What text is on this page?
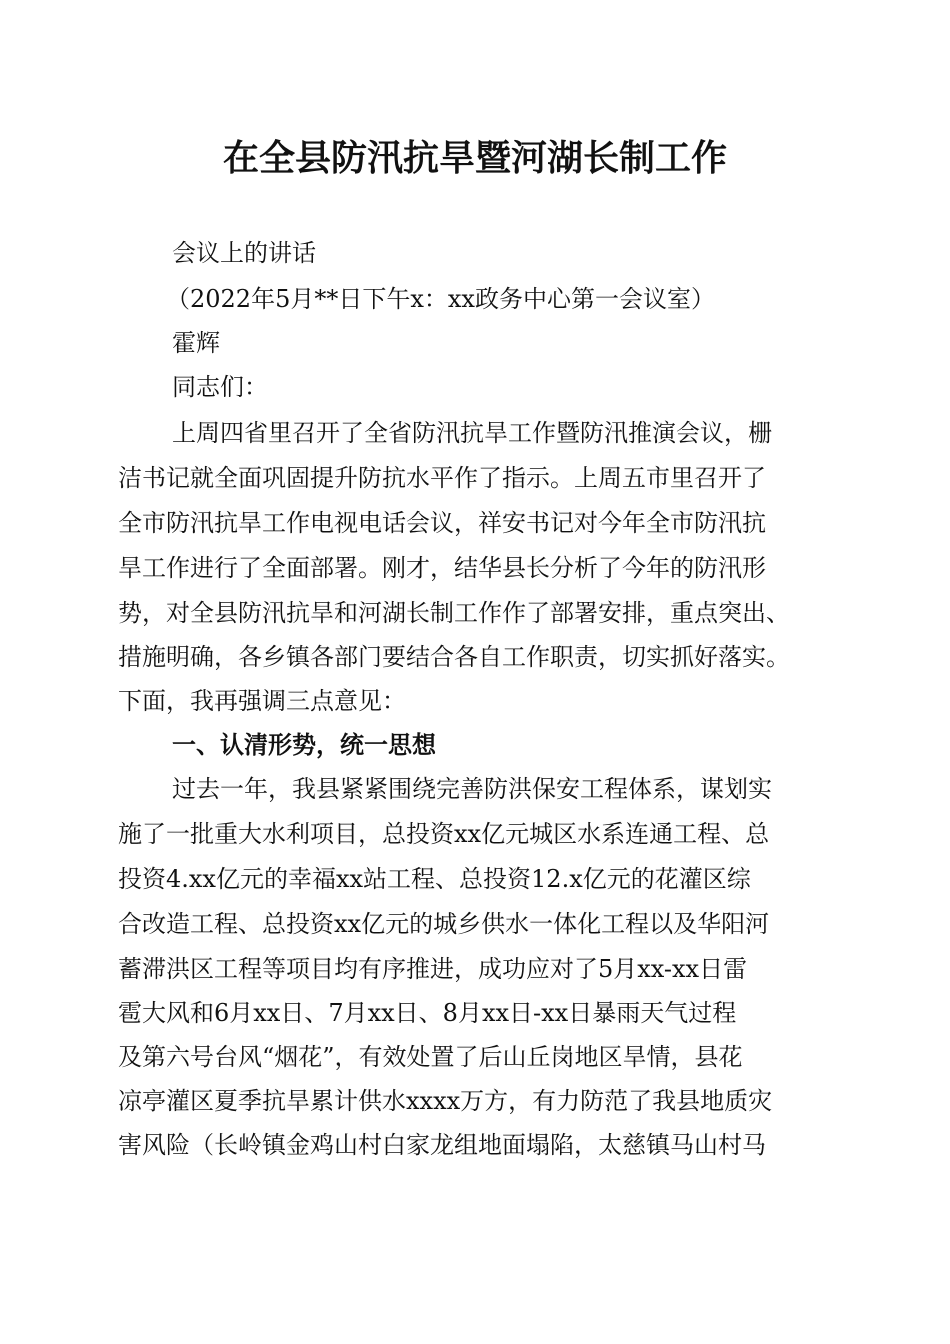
在全县防汛抗旱暨河湖长制工作
会议上的讲话
（2022年5月**日下午x：xx政务中心第一会议室）
霍辉
同志们：
上周四省里召开了全省防汛抗旱工作暨防汛推演会议，栅
洁书记就全面巩固提升防抗水平作了指示。上周五市里召开了
全市防汛抗旱工作电视电话会议，祥安书记对今年全市防汛抗
旱工作进行了全面部署。刚才，结华县长分析了今年的防汛形
势，对全县防汛抗旱和河湖长制工作作了部署安排，重点突出、
措施明确，各乡镇各部门要结合各自工作职责，切实抓好落实。
下面，我再强调三点意见：
一、认清形势，统一思想
过去一年，我县紧紧围绕完善防洪保安工程体系，谋划实
施了一批重大水利项目，总投资xx亿元城区水系连通工程、总
投资4.xx亿元的幸福xx站工程、总投资12.x亿元的花灌区综
合改造工程、总投资xx亿元的城乡供水一体化工程以及华阳河
蓄滞洪区工程等项目均有序推进，成功应对了5月xx-xx日雷
雹大风和6月xx日、7月xx日、8月xx日-xx日暴雨天气过程
及第六号台风“烟花”，有效处置了后山丘岗地区旱情，县花
凉亭灌区夏季抗旱累计供水xxxx万方，有力防范了我县地质灾
害风险（长岭镇金鸡山村白家龙组地面塌陷，太慈镇马山村马
